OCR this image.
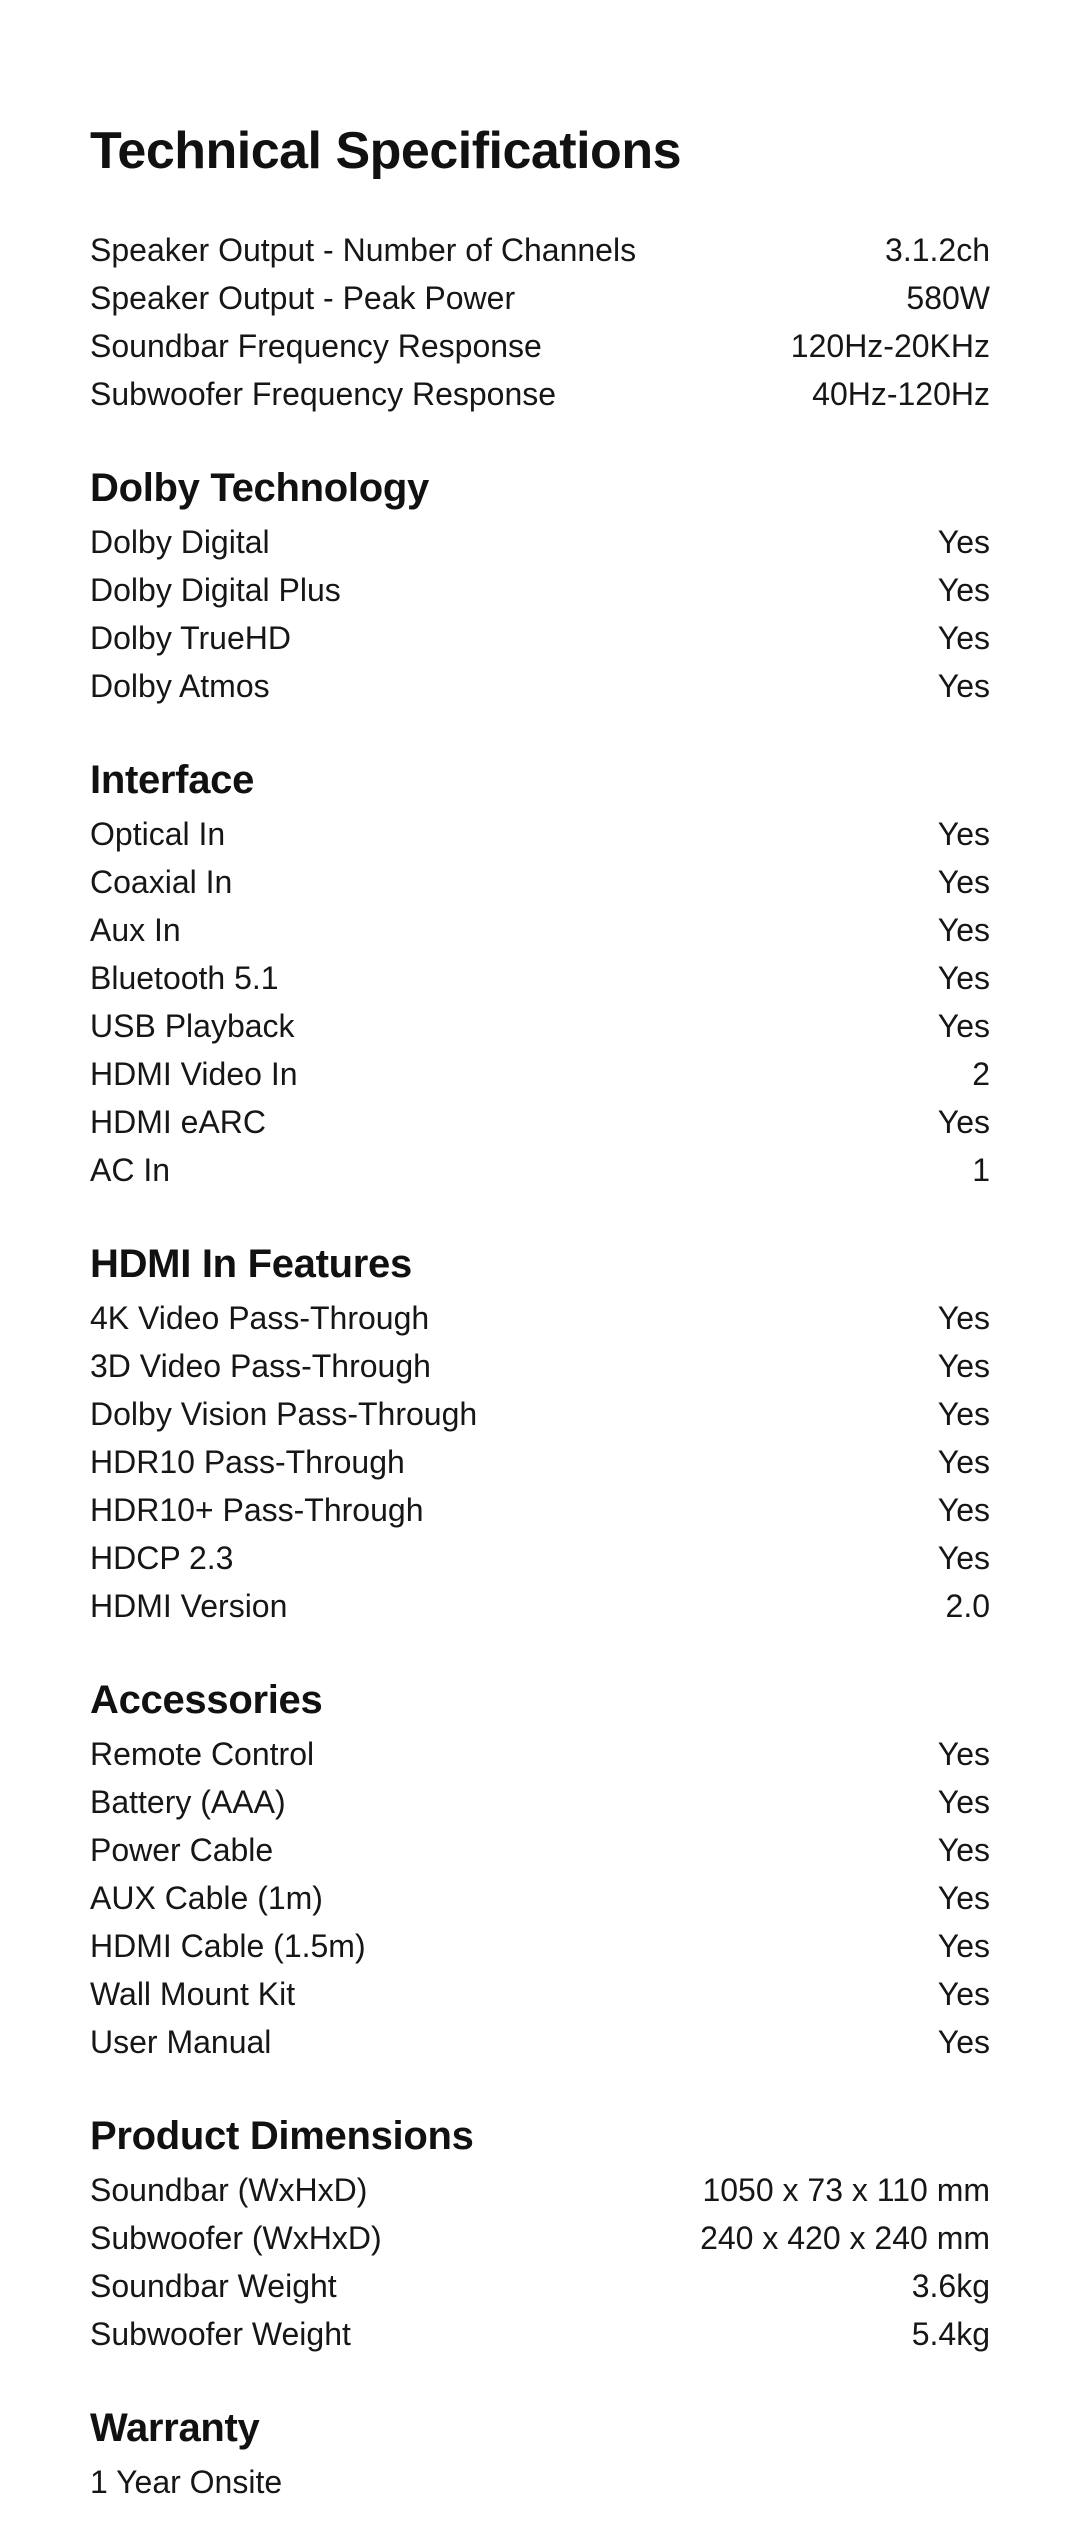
Technical Specifications
Speaker Output - Number of Channels	3.1.2ch
Speaker Output - Peak Power	580W
Soundbar Frequency Response	120Hz-20KHz
Subwoofer Frequency Response	40Hz-120Hz
Dolby Technology
Dolby Digital	Yes
Dolby Digital Plus	Yes
Dolby TrueHD	Yes
Dolby Atmos	Yes
Interface
Optical In	Yes
Coaxial In	Yes
Aux In	Yes
Bluetooth 5.1	Yes
USB Playback	Yes
HDMI Video In	2
HDMI eARC	Yes
AC In	1
HDMI In Features
4K Video Pass-Through	Yes
3D Video Pass-Through	Yes
Dolby Vision Pass-Through	Yes
HDR10 Pass-Through	Yes
HDR10+ Pass-Through	Yes
HDCP 2.3	Yes
HDMI Version	2.0
Accessories
Remote Control	Yes
Battery (AAA)	Yes
Power Cable	Yes
AUX Cable (1m)	Yes
HDMI Cable (1.5m)	Yes
Wall Mount Kit	Yes
User Manual	Yes
Product Dimensions
Soundbar (WxHxD)	1050 x 73 x 110 mm
Subwoofer (WxHxD)	240 x 420 x 240 mm
Soundbar Weight	3.6kg
Subwoofer Weight	5.4kg
Warranty
1 Year Onsite
